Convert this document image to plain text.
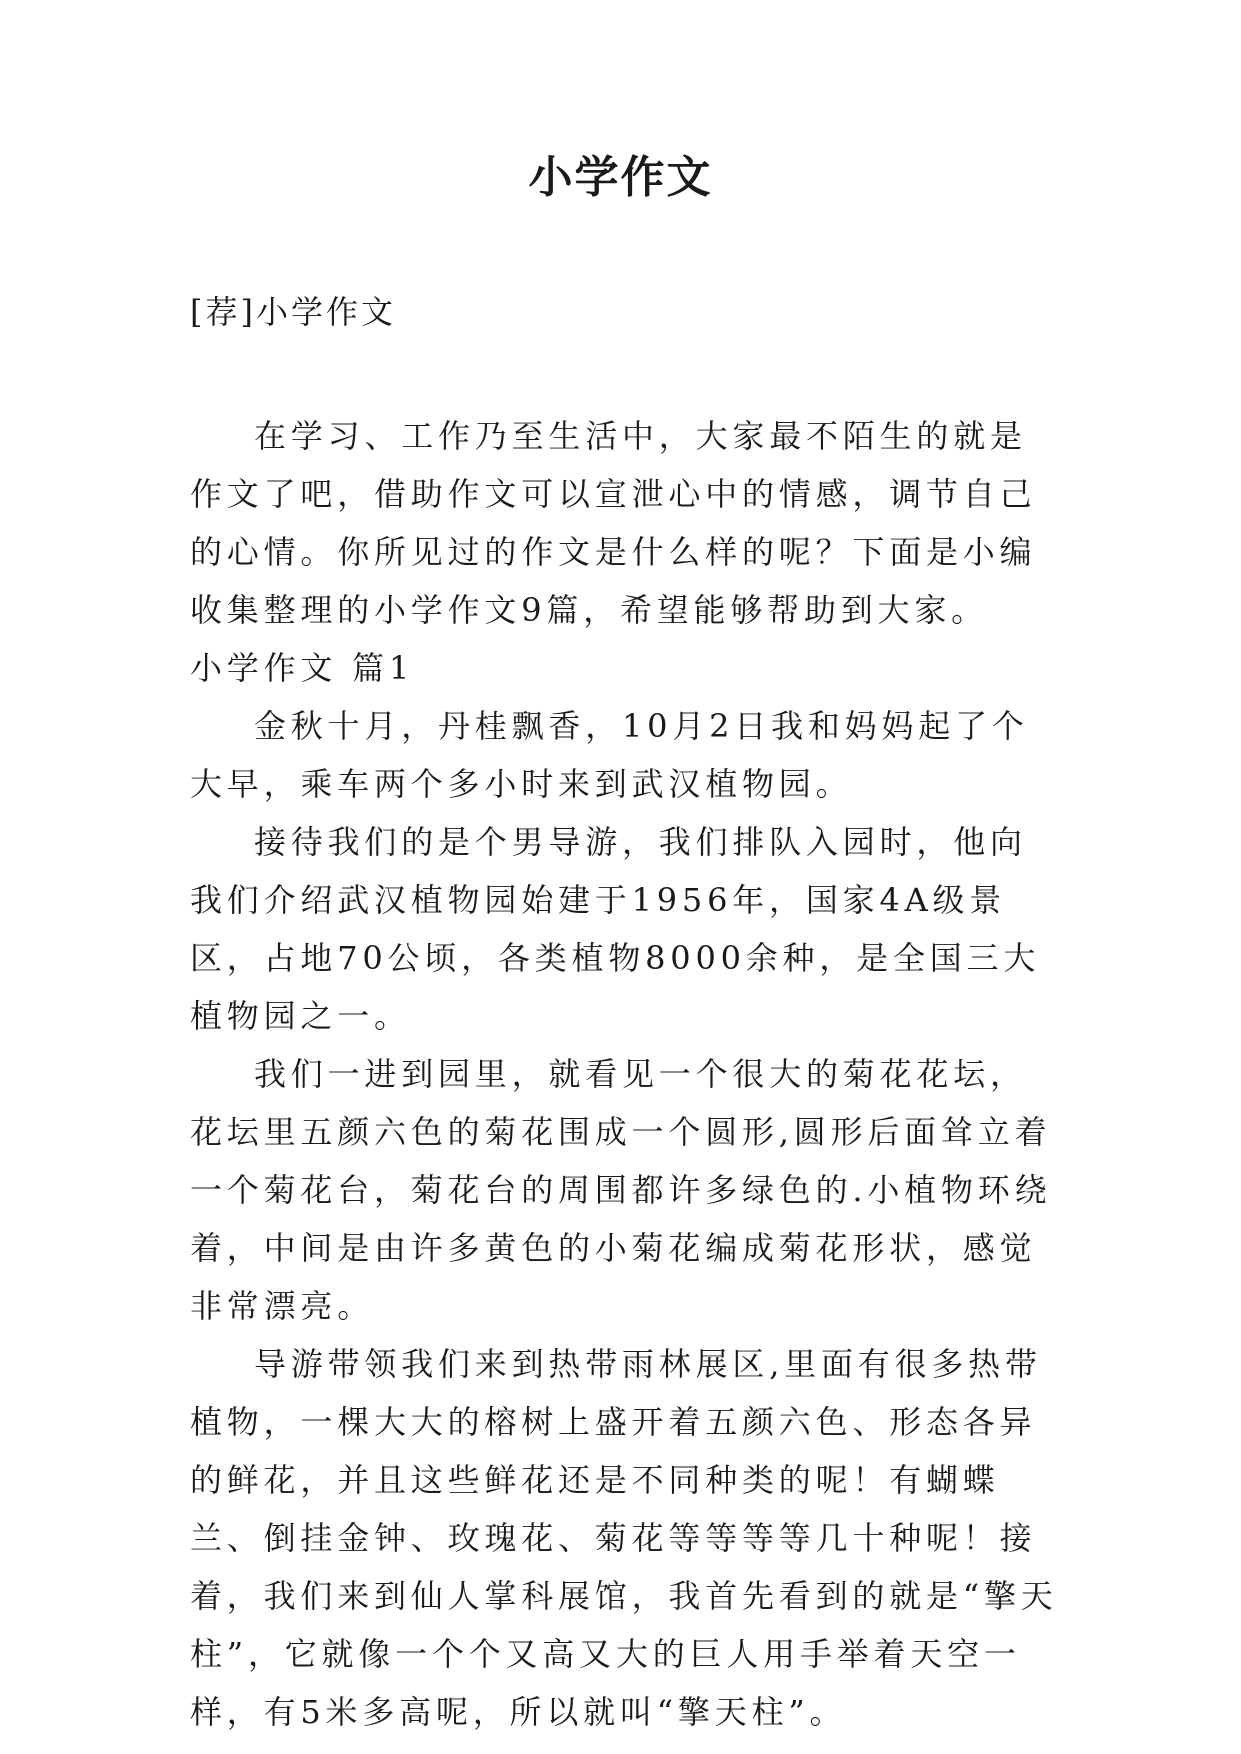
小学作文
[荐]小学作文

在学习、工作乃至生活中，大家最不陌生的就是作文了吧，借助作文可以宣泄心中的情感，调节自己的心情。你所见过的作文是什么样的呢？下面是小编收集整理的小学作文9篇，希望能够帮助到大家。

小学作文 篇1

金秋十月，丹桂飘香，10月2日我和妈妈起了个大早，乘车两个多小时来到武汉植物园。

接待我们的是个男导游，我们排队入园时，他向我们介绍武汉植物园始建于1956年，国家4A级景区，占地70公顷，各类植物8000余种，是全国三大植物园之一。

我们一进到园里，就看见一个很大的菊花花坛，花坛里五颜六色的菊花围成一个圆形,圆形后面耸立着一个菊花台，菊花台的周围都许多绿色的.小植物环绕着，中间是由许多黄色的小菊花编成菊花形状，感觉非常漂亮。

导游带领我们来到热带雨林展区,里面有很多热带植物，一棵大大的榕树上盛开着五颜六色、形态各异的鲜花，并且这些鲜花还是不同种类的呢！有蝴蝶兰、倒挂金钟、玫瑰花、菊花等等等等几十种呢！接着，我们来到仙人掌科展馆，我首先看到的就是“擎天柱”，它就像一个个又高又大的巨人用手举着天空一样，有5米多高呢，所以就叫“擎天柱”。
